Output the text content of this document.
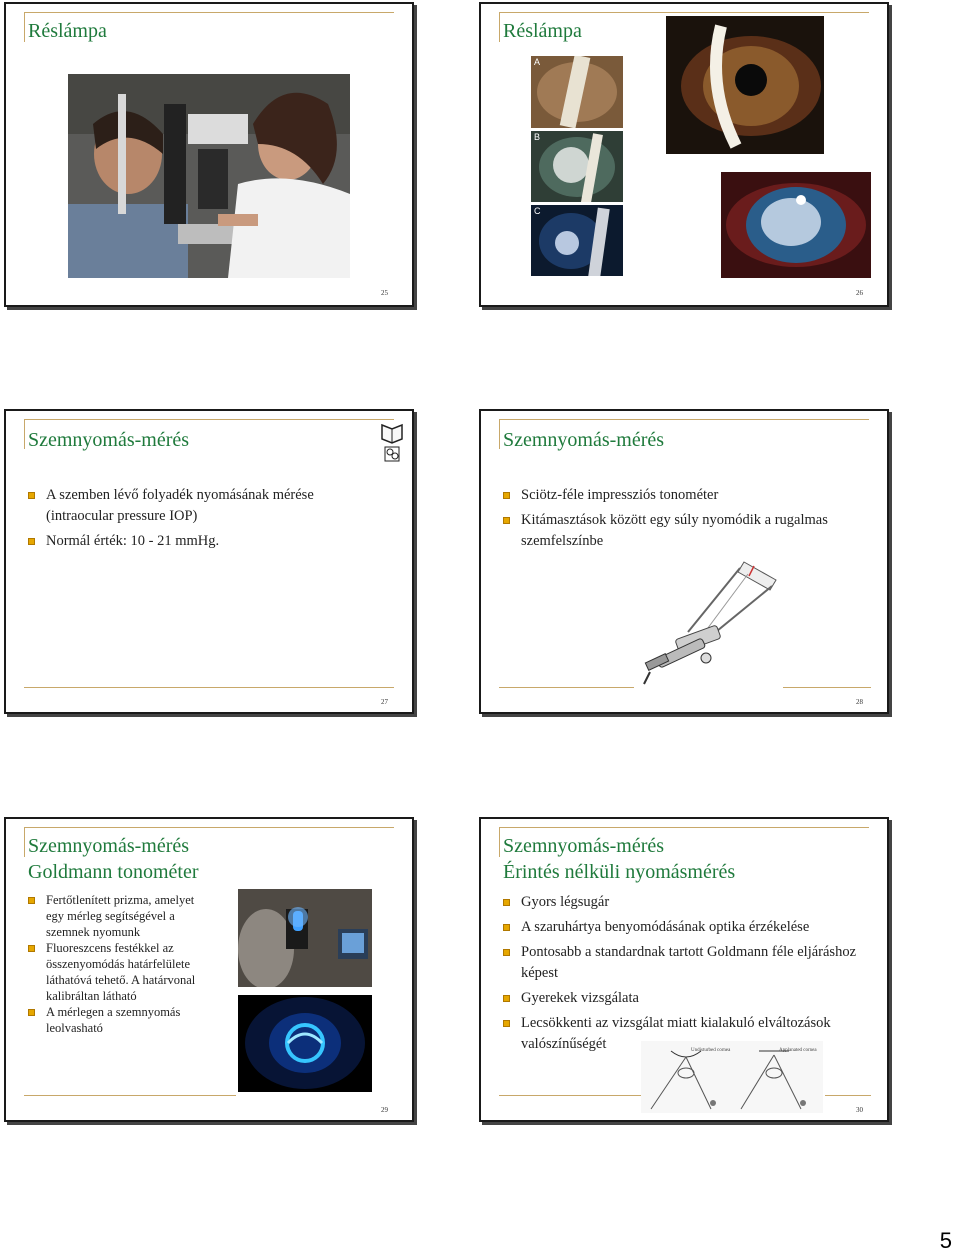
Réslámpa
25
Réslámpa
A
B
C
26
Szemnyomás-mérés
A szemben lévő folyadék nyomásának mérése (intraocular pressure IOP)
Normál érték: 10 - 21 mmHg.
27
Szemnyomás-mérés
Sciötz-féle impressziós tonométer
Kitámasztások között egy súly nyomódik a rugalmas szemfelszínbe
28
Szemnyomás-mérés
Goldmann tonométer
Fertőtlenített prizma, amelyet egy mérleg segítségével a szemnek nyomunk
Fluoreszcens festékkel az összenyomódás határfelülete láthatóvá tehető. A határvonal kalibráltan látható
A mérlegen a szemnyomás leolvasható
29
Szemnyomás-mérés
Érintés nélküli nyomásmérés
Gyors légsugár
A szaruhártya benyomódásának optika érzékelése
Pontosabb a standardnak tartott Goldmann féle eljáráshoz képest
Gyerekek vizsgálata
Lecsökkenti az vizsgálat miatt kialakuló elváltozások valószínűségét	Undisturbed cornea	Applanated cornea
30
5
